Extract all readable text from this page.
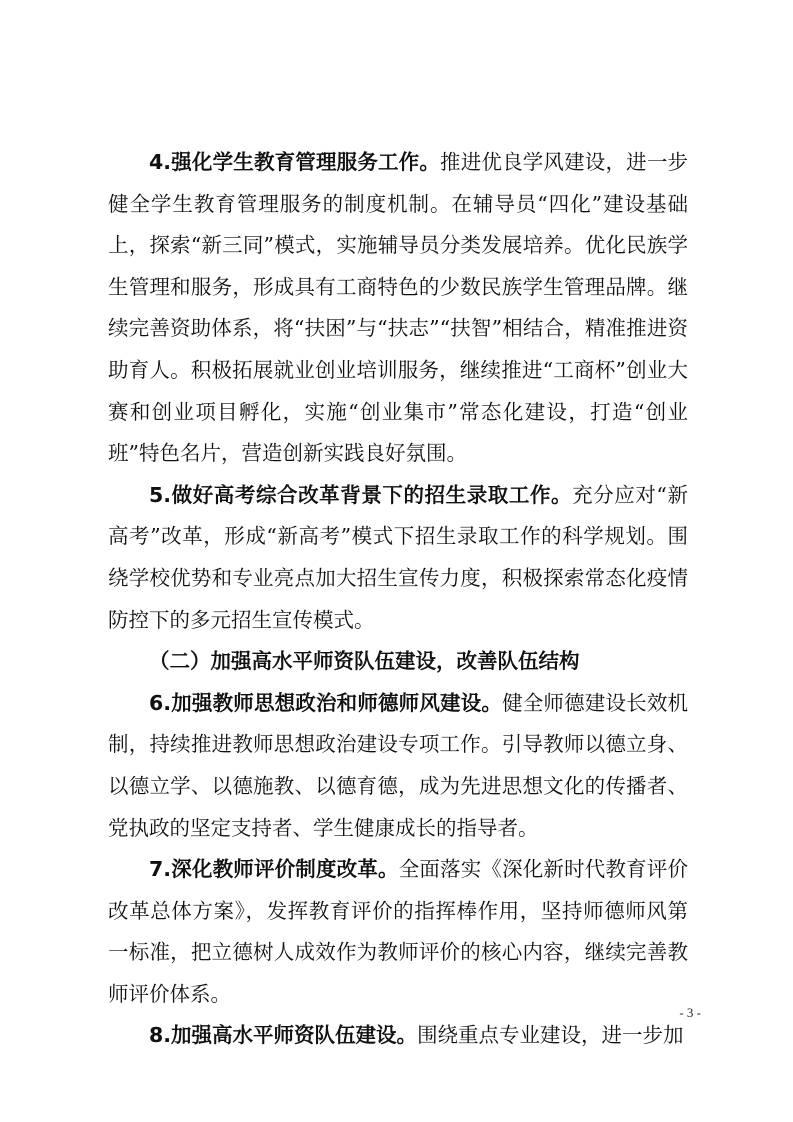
4.强化学生教育管理服务工作。推进优良学风建设，进一步健全学生教育管理服务的制度机制。在辅导员“四化”建设基础上，探索“新三同”模式，实施辅导员分类发展培养。优化民族学生管理和服务，形成具有工商特色的少数民族学生管理品牌。继续完善资助体系，将“扶困”与“扶志”“扶智”相结合，精准推进资助育人。积极拓展就业创业培训服务，继续推进“工商杯”创业大赛和创业项目孵化，实施“创业集市”常态化建设，打造“创业班”特色名片，营造创新实践良好氛围。

5.做好高考综合改革背景下的招生录取工作。充分应对“新高考”改革，形成“新高考”模式下招生录取工作的科学规划。围绕学校优势和专业亮点加大招生宣传力度，积极探索常态化疫情防控下的多元招生宣传模式。

（二）加强高水平师资队伍建设，改善队伍结构

6.加强教师思想政治和师德师风建设。健全师德建设长效机制，持续推进教师思想政治建设专项工作。引导教师以德立身、以德立学、以德施教、以德育德，成为先进思想文化的传播者、党执政的坚定支持者、学生健康成长的指导者。

7.深化教师评价制度改革。全面落实《深化新时代教育评价改革总体方案》，发挥教育评价的指挥棒作用，坚持师德师风第一标准，把立德树人成效作为教师评价的核心内容，继续完善教师评价体系。

8.加强高水平师资队伍建设。围绕重点专业建设，进一步加

- 3 -
